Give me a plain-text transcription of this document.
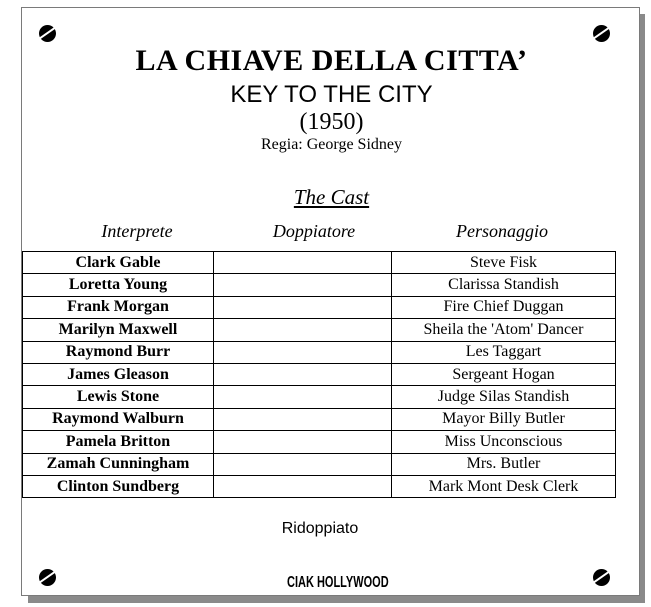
LA CHIAVE DELLA CITTA’
KEY TO THE CITY
(1950)
Regia: George Sidney
The Cast
Interprete	Doppiatore	Personaggio
Clark Gable		Steve Fisk
Loretta Young		Clarissa Standish
Frank Morgan		Fire Chief Duggan
Marilyn Maxwell		Sheila the 'Atom' Dancer
Raymond Burr		Les Taggart
James Gleason		Sergeant Hogan
Lewis Stone		Judge Silas Standish
Raymond Walburn		Mayor Billy Butler
Pamela Britton		Miss Unconscious
Zamah Cunningham		Mrs. Butler
Clinton Sundberg		Mark Mont Desk Clerk
Ridoppiato
CIAK HOLLYWOOD
